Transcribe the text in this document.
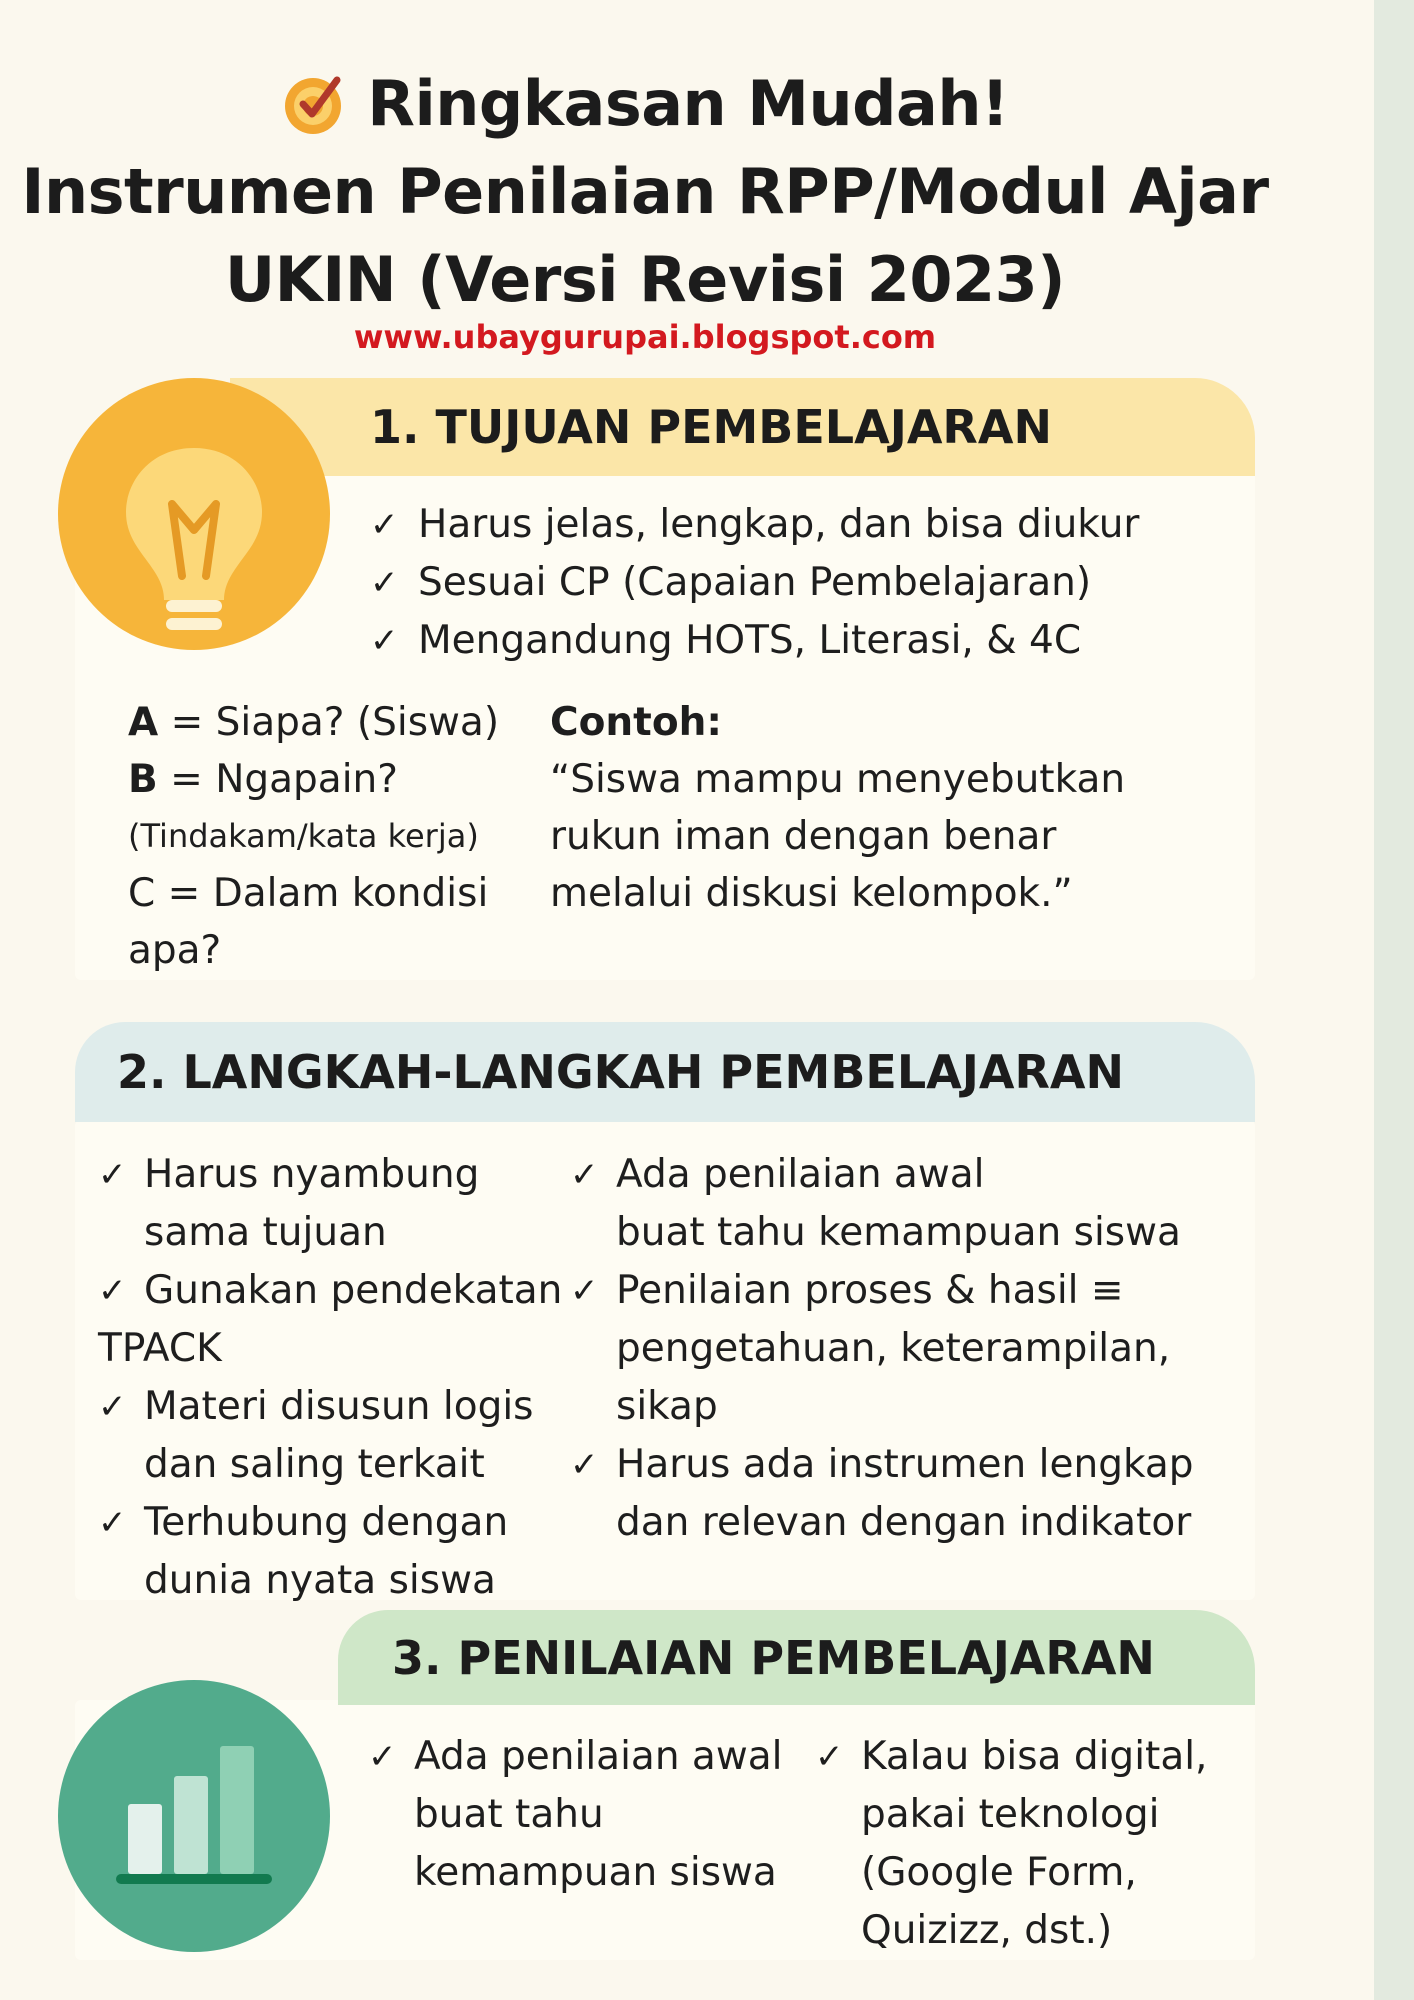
Ringkasan Mudah!
Instrumen Penilaian RPP/Modul Ajar
UKIN (Versi Revisi 2023)
www.ubaygurupai.blogspot.com
1. TUJUAN PEMBELAJARAN
✓ Harus jelas, lengkap, dan bisa diukur
✓ Sesuai CP (Capaian Pembelajaran)
✓ Mengandung HOTS, Literasi, & 4C
A = Siapa? (Siswa)
B = Ngapain?
(Tindakam/kata kerja)
C = Dalam kondisi
apa?
Contoh:
“Siswa mampu menyebutkan
rukun iman dengan benar
melalui diskusi kelompok.”
2. LANGKAH-LANGKAH PEMBELAJARAN
✓ Harus nyambung
sama tujuan
✓ Gunakan pendekatan
TPACK
✓ Materi disusun logis
dan saling terkait
✓ Terhubung dengan
dunia nyata siswa
✓ Ada penilaian awal
buat tahu kemampuan siswa
✓ Penilaian proses & hasil ≡
pengetahuan, keterampilan,
sikap
✓ Harus ada instrumen lengkap
dan relevan dengan indikator
3. PENILAIAN PEMBELAJARAN
✓ Ada penilaian awal
buat tahu
kemampuan siswa
✓ Kalau bisa digital,
pakai teknologi
(Google Form,
Quizizz, dst.)
